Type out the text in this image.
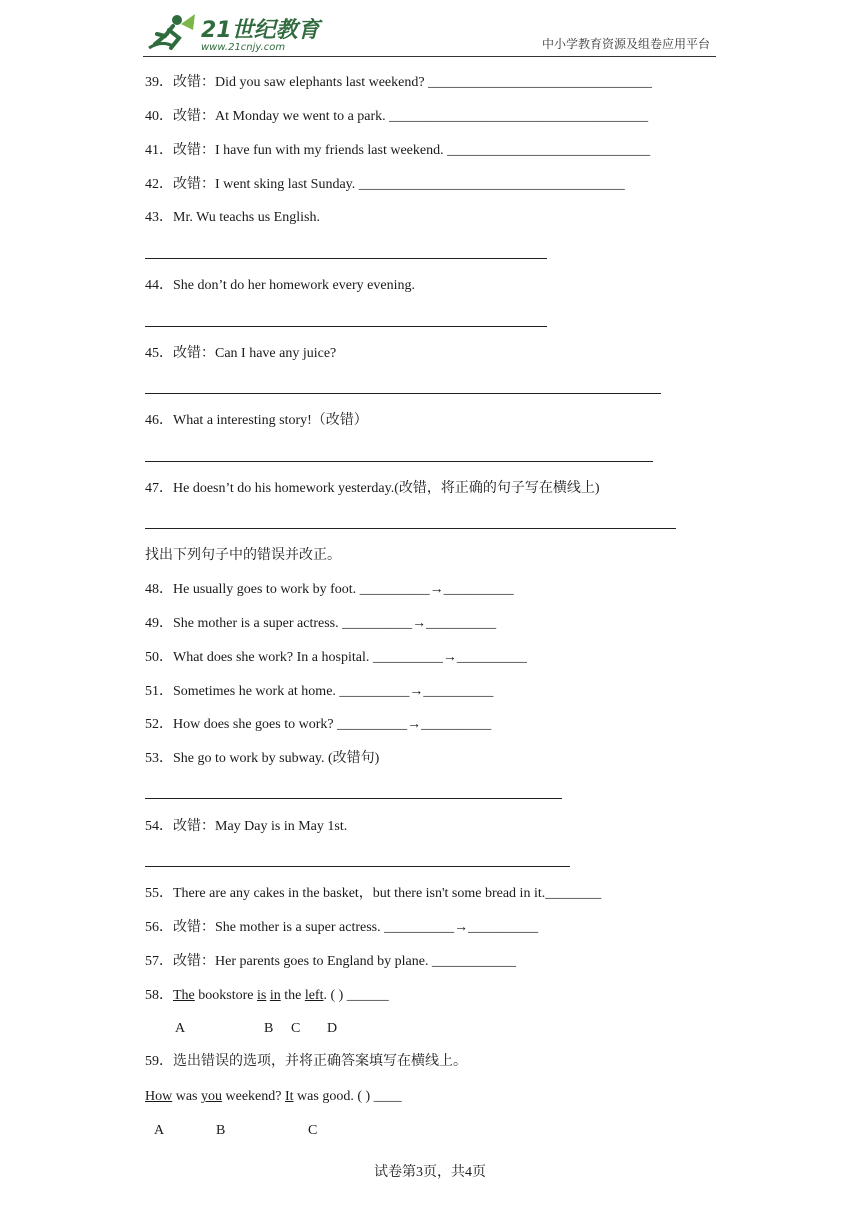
21世纪教育
www.21cnjy.com	中小学教育资源及组卷应用平台
39．改错：Did you saw elephants last weekend? ________________________________
40．改错：At Monday we went to a park. _____________________________________
41．改错：I have fun with my friends last weekend. _____________________________
42．改错：I went sking last Sunday. ______________________________________
43．Mr. Wu teachs us English.
44．She don’t do her homework every evening.
45．改错：Can I have any juice?
46．What a interesting story!（改错）
47．He doesn’t do his homework yesterday.(改错，将正确的句子写在横线上)
找出下列句子中的错误并改正。
48．He usually goes to work by foot. __________→__________
49．She mother is a super actress. __________→__________
50．What does she work? In a hospital. __________→__________
51．Sometimes he work at home. __________→__________
52．How does she goes to work? __________→__________
53．She go to work by subway. (改错句)
54．改错：May Day is in May 1st.
55．There are any cakes in the basket，but there isn't some bread in it.________
56．改错：She mother is a super actress. __________→__________
57．改错：Her parents goes to England by plane. ____________
58．The bookstore is in the left. ( ) ______
A	B C D
59．选出错误的选项，并将正确答案填写在横线上。
How was you weekend? It was good. ( ) ____
A	B	C
试卷第3页，共4页
